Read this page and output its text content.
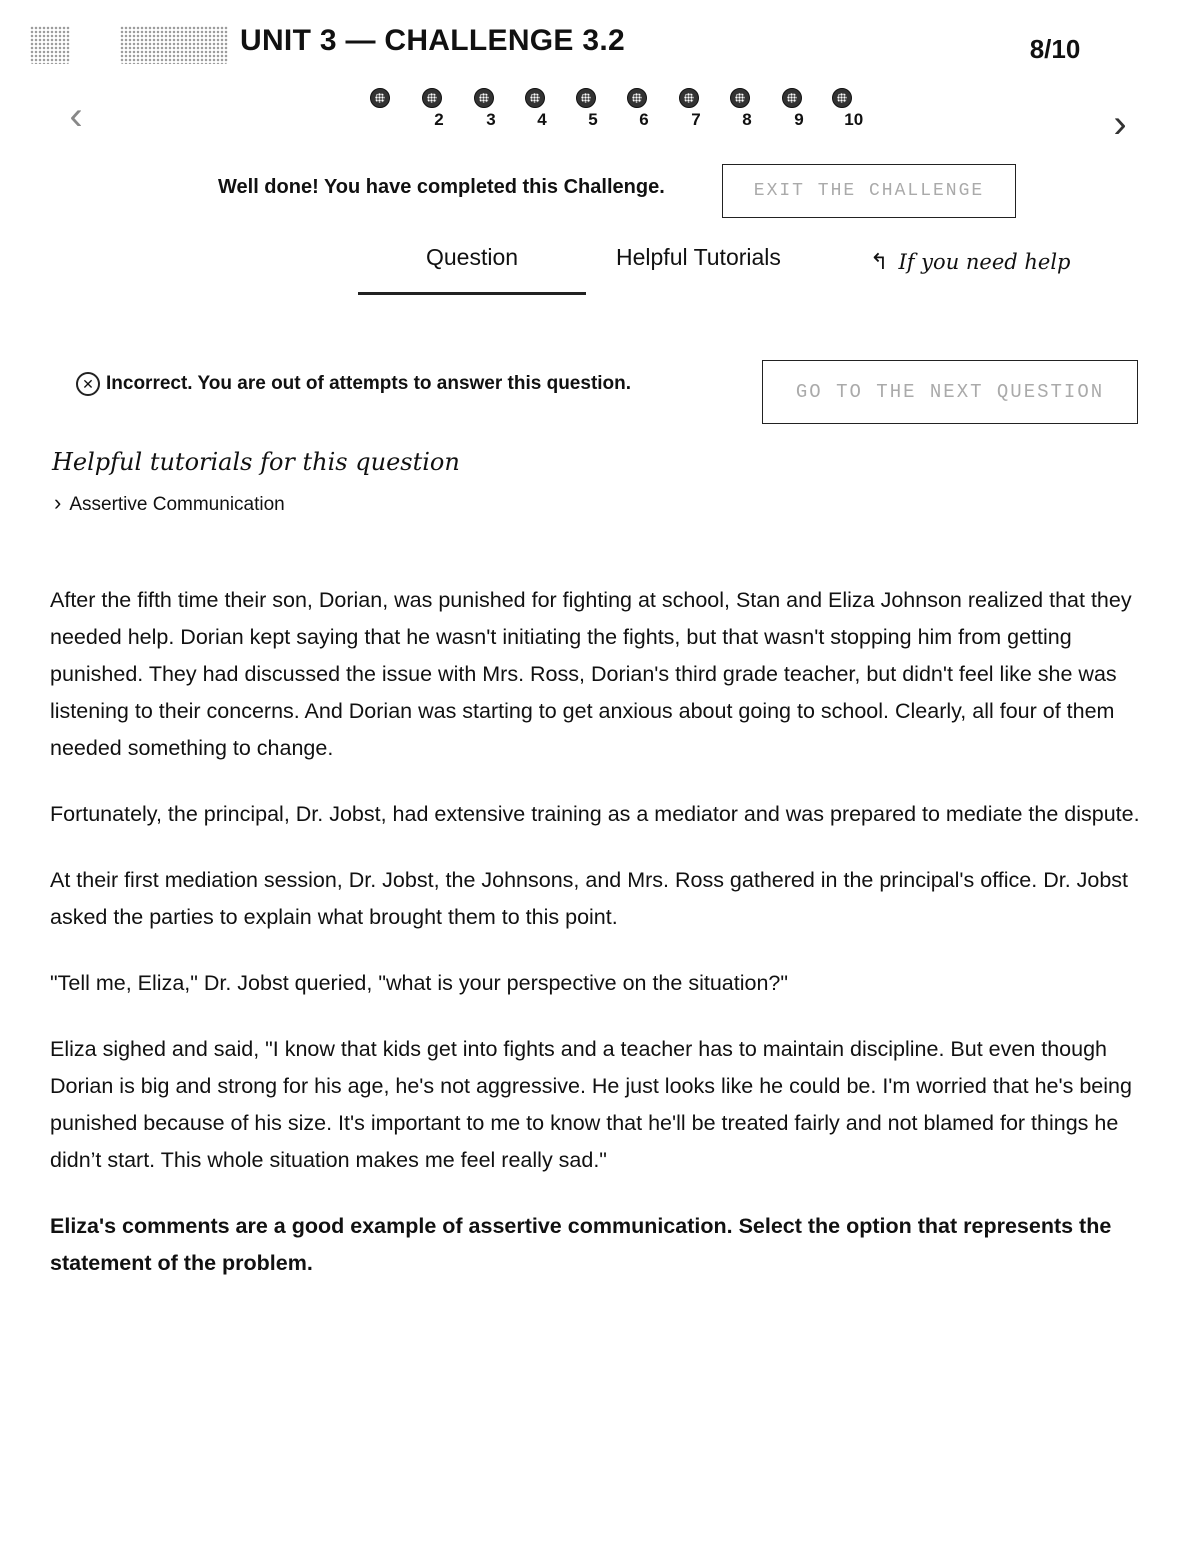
UNIT 3 — CHALLENGE 3.2	8/10
‹	›
2	3 4 5 6	7 8	9 10
Well done! You have completed this Challenge.	EXIT THE CHALLENGE
Question	Helpful Tutorials	↰ If you need help
✕ Incorrect. You are out of attempts to answer this question.	GO TO THE NEXT QUESTION
Helpful tutorials for this question
› Assertive Communication

After the fifth time their son, Dorian, was punished for fighting at school, Stan and Eliza Johnson realized that they needed help. Dorian kept saying that he wasn't initiating the fights, but that wasn't stopping him from getting punished. They had discussed the issue with Mrs. Ross, Dorian's third grade teacher, but didn't feel like she was listening to their concerns. And Dorian was starting to get anxious about going to school. Clearly, all four of them needed something to change.

Fortunately, the principal, Dr. Jobst, had extensive training as a mediator and was prepared to mediate the dispute.

At their first mediation session, Dr. Jobst, the Johnsons, and Mrs. Ross gathered in the principal's office. Dr. Jobst asked the parties to explain what brought them to this point.

"Tell me, Eliza," Dr. Jobst queried, "what is your perspective on the situation?"

Eliza sighed and said, "I know that kids get into fights and a teacher has to maintain discipline. But even though Dorian is big and strong for his age, he's not aggressive. He just looks like he could be. I'm worried that he's being punished because of his size. It's important to me to know that he'll be treated fairly and not blamed for things he didn’t start. This whole situation makes me feel really sad."

Eliza's comments are a good example of assertive communication. Select the option that represents the statement of the problem.
